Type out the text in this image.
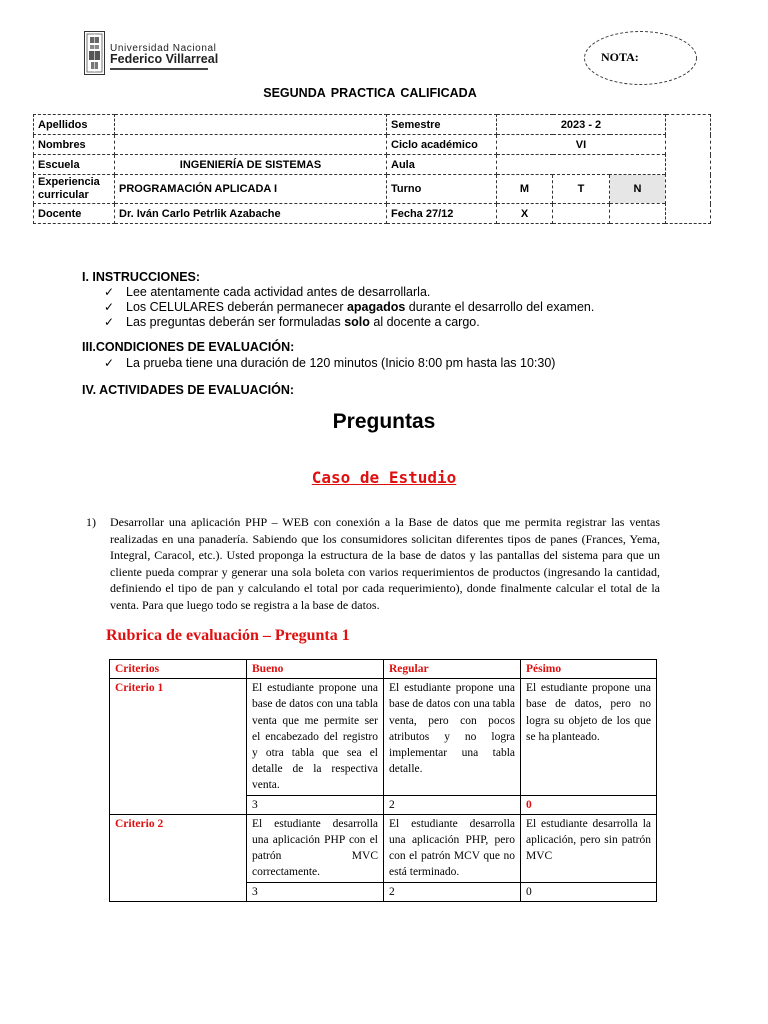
Universidad Nacional
Federico Villarreal	NOTA:
SEGUNDA PRACTICA CALIFICADA
Apellidos		Semestre	2023 - 2			
Nombres		Ciclo académico	VI			
Escuela	INGENIERÍA DE SISTEMAS	Aula				
Experiencia curricular	PROGRAMACIÓN APLICADA I	Turno	M	T	N	
Docente	Dr. Iván Carlo Petrlik Azabache	Fecha 27/12	X			
I. INSTRUCCIONES:
✓ Lee atentamente cada actividad antes de desarrollarla.
✓ Los CELULARES deberán permanecer apagados durante el desarrollo del examen.
✓ Las preguntas deberán ser formuladas solo al docente a cargo.
III.CONDICIONES DE EVALUACIÓN:
✓ La prueba tiene una duración de 120 minutos (Inicio 8:00 pm hasta las 10:30)
IV. ACTIVIDADES DE EVALUACIÓN:
Preguntas
Caso de Estudio
1) Desarrollar una aplicación PHP – WEB con conexión a la Base de datos que me permita registrar las ventas realizadas en una panadería. Sabiendo que los consumidores solicitan diferentes tipos de panes (Frances, Yema, Integral, Caracol, etc.). Usted proponga la estructura de la base de datos y las pantallas del sistema para que un cliente pueda comprar y generar una sola boleta con varios requerimientos de productos (ingresando la cantidad, definiendo el tipo de pan y calculando el total por cada requerimiento), donde finalmente calcular el total de la venta. Para que luego todo se registra a la base de datos.
Rubrica de evaluación – Pregunta 1
Criterios	Bueno	Regular	Pésimo
Criterio 1	El estudiante propone una base de datos con una tabla venta que me permite ser el encabezado del registro y otra tabla que sea el detalle de la respectiva venta.	El estudiante propone una base de datos con una tabla venta, pero con pocos atributos y no logra implementar una tabla detalle.	El estudiante propone una base de datos, pero no logra su objeto de los que se ha planteado.
	3	2	0
Criterio 2	El estudiante desarrolla una aplicación PHP con el patrón MVC correctamente.	El estudiante desarrolla una aplicación PHP, pero con el patrón MCV que no está terminado.	El estudiante desarrolla la aplicación, pero sin patrón MVC
	3	2	0
